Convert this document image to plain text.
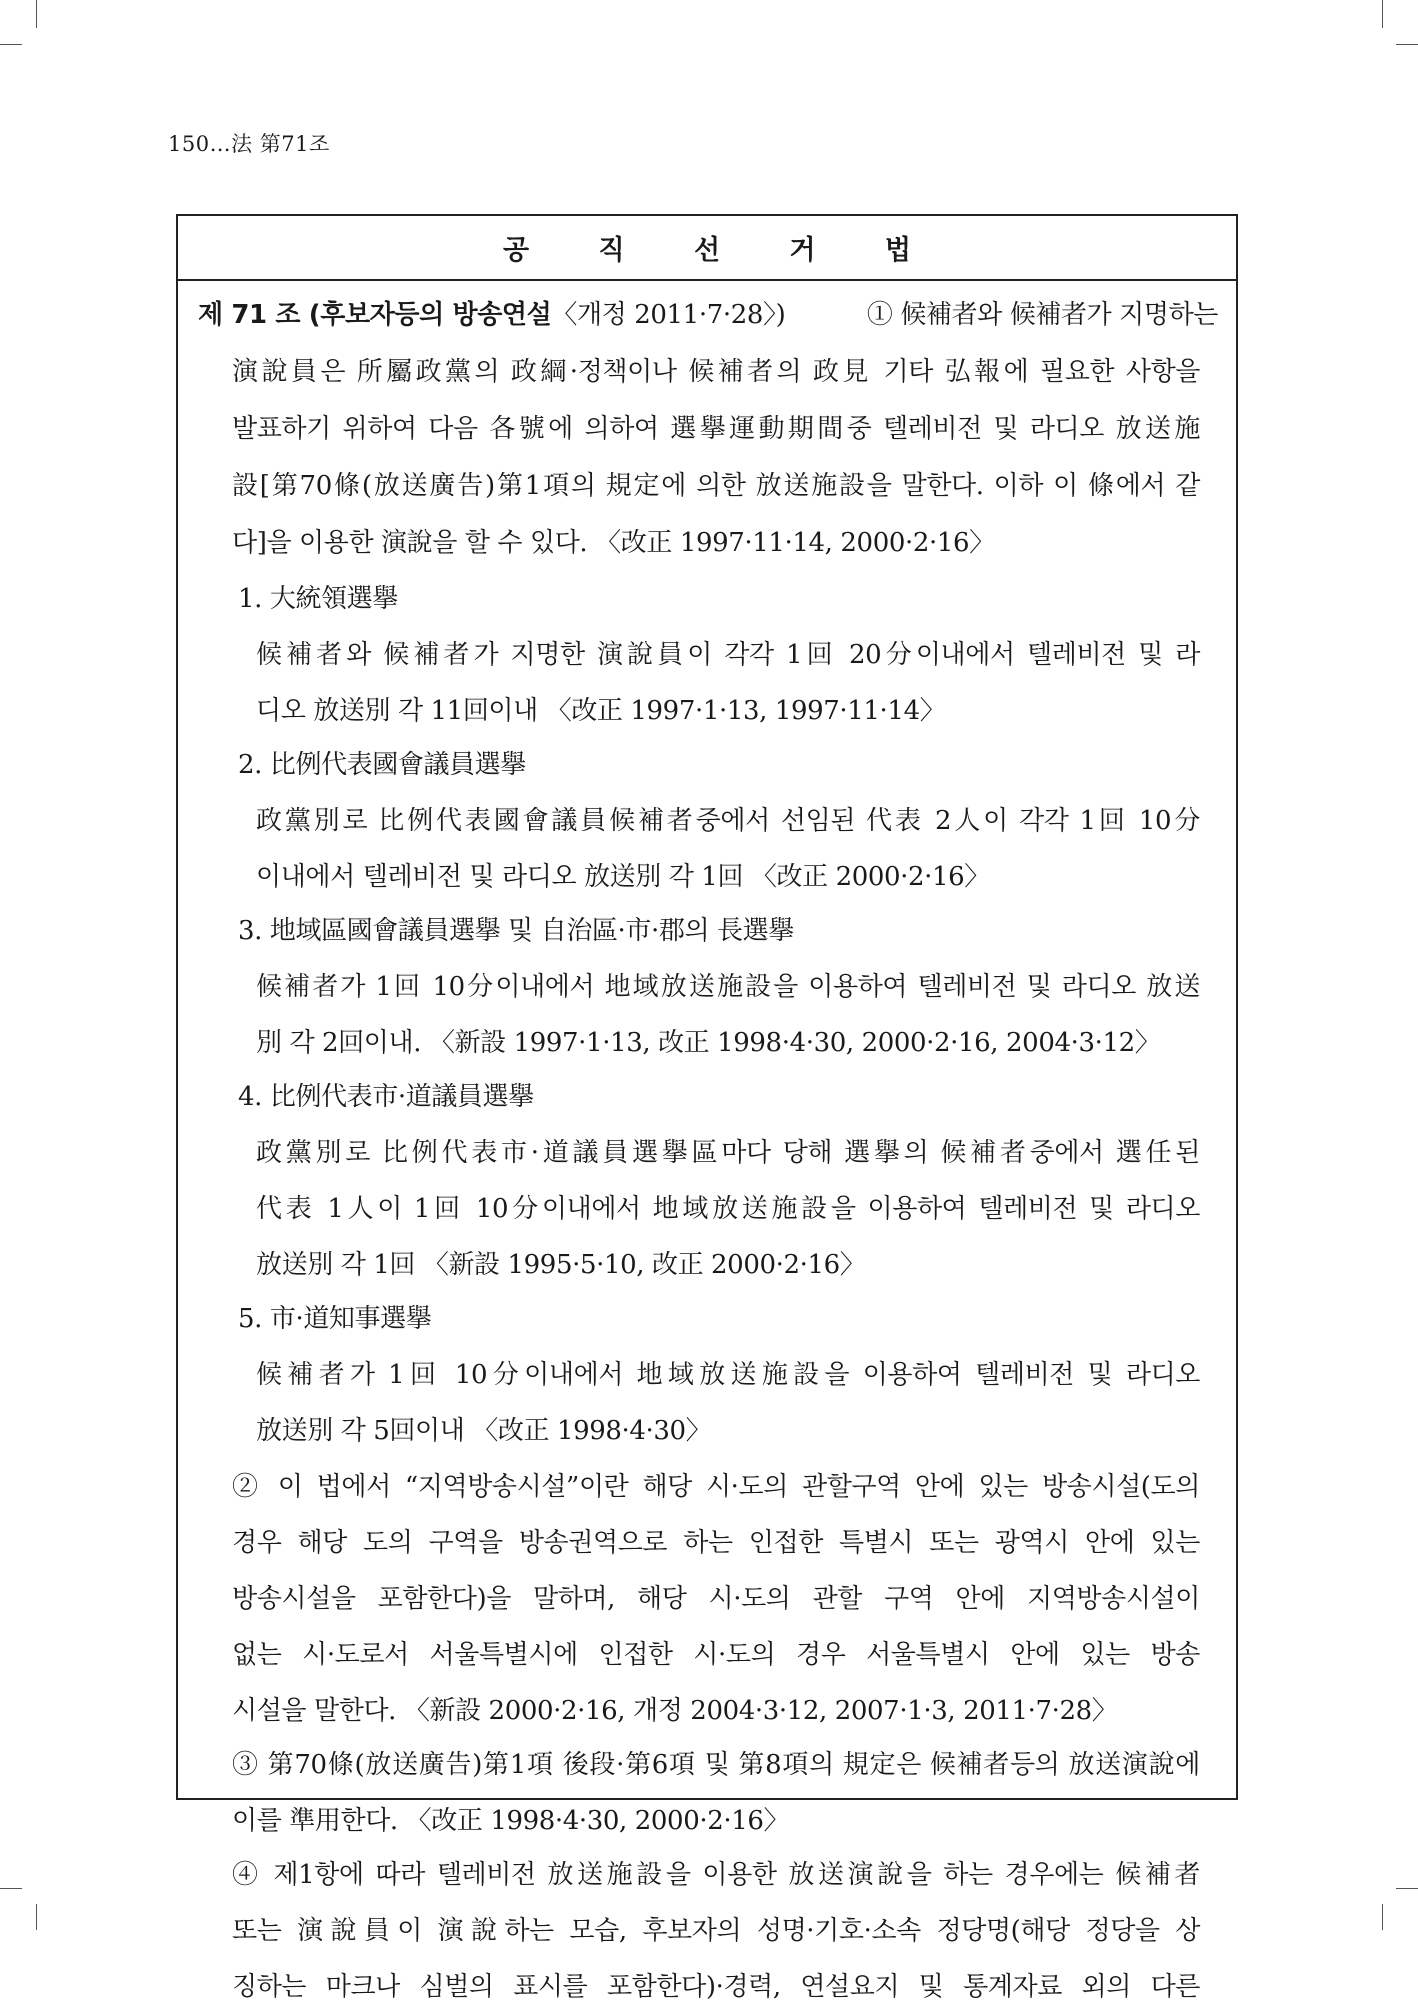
150…法 第71조
공 직 선 거 법
제 71 조 (후보자등의 방송연설〈개정 2011·7·28〉)	① 候補者와 候補者가 지명하는
演說員은 所屬政黨의 政綱·정책이나 候補者의 政見 기타 弘報에 필요한 사항을
발표하기 위하여 다음 各號에 의하여 選擧運動期間중 텔레비전 및 라디오 放送施
設[第70條(放送廣告)第1項의 規定에 의한 放送施設을 말한다. 이하 이 條에서 같
다]을 이용한 演說을 할 수 있다. 〈改正 1997·11·14, 2000·2·16〉
1. 大統領選擧
候補者와 候補者가 지명한 演說員이 각각 1回 20分이내에서 텔레비전 및 라
디오 放送別 각 11回이내 〈改正 1997·1·13, 1997·11·14〉
2. 比例代表國會議員選擧
政黨別로 比例代表國會議員候補者중에서 선임된 代表 2人이 각각 1回 10分
이내에서 텔레비전 및 라디오 放送別 각 1回 〈改正 2000·2·16〉
3. 地域區國會議員選擧 및 自治區·市·郡의 長選擧
候補者가 1回 10分이내에서 地域放送施設을 이용하여 텔레비전 및 라디오 放送
別 각 2回이내. 〈新設 1997·1·13, 改正 1998·4·30, 2000·2·16, 2004·3·12〉
4. 比例代表市·道議員選擧
政黨別로 比例代表市·道議員選擧區마다 당해 選擧의 候補者중에서 選任된
代表 1人이 1回 10分이내에서 地域放送施設을 이용하여 텔레비전 및 라디오
放送別 각 1回 〈新設 1995·5·10, 改正 2000·2·16〉
5. 市·道知事選擧
候補者가 1回 10分이내에서 地域放送施設을 이용하여 텔레비전 및 라디오
放送別 각 5回이내 〈改正 1998·4·30〉
② 이 법에서 “지역방송시설”이란 해당 시·도의 관할구역 안에 있는 방송시설(도의
경우 해당 도의 구역을 방송권역으로 하는 인접한 특별시 또는 광역시 안에 있는
방송시설을 포함한다)을 말하며, 해당 시·도의 관할 구역 안에 지역방송시설이
없는 시·도로서 서울특별시에 인접한 시·도의 경우 서울특별시 안에 있는 방송
시설을 말한다. 〈新設 2000·2·16, 개정 2004·3·12, 2007·1·3, 2011·7·28〉
③ 第70條(放送廣告)第1項 後段·第6項 및 第8項의 規定은 候補者등의 放送演說에
이를 準用한다. 〈改正 1998·4·30, 2000·2·16〉
④ 제1항에 따라 텔레비전 放送施設을 이용한 放送演說을 하는 경우에는 候補者
또는 演說員이 演說하는 모습, 후보자의 성명·기호·소속 정당명(해당 정당을 상
징하는 마크나 심벌의 표시를 포함한다)·경력, 연설요지 및 통계자료 외의 다른
